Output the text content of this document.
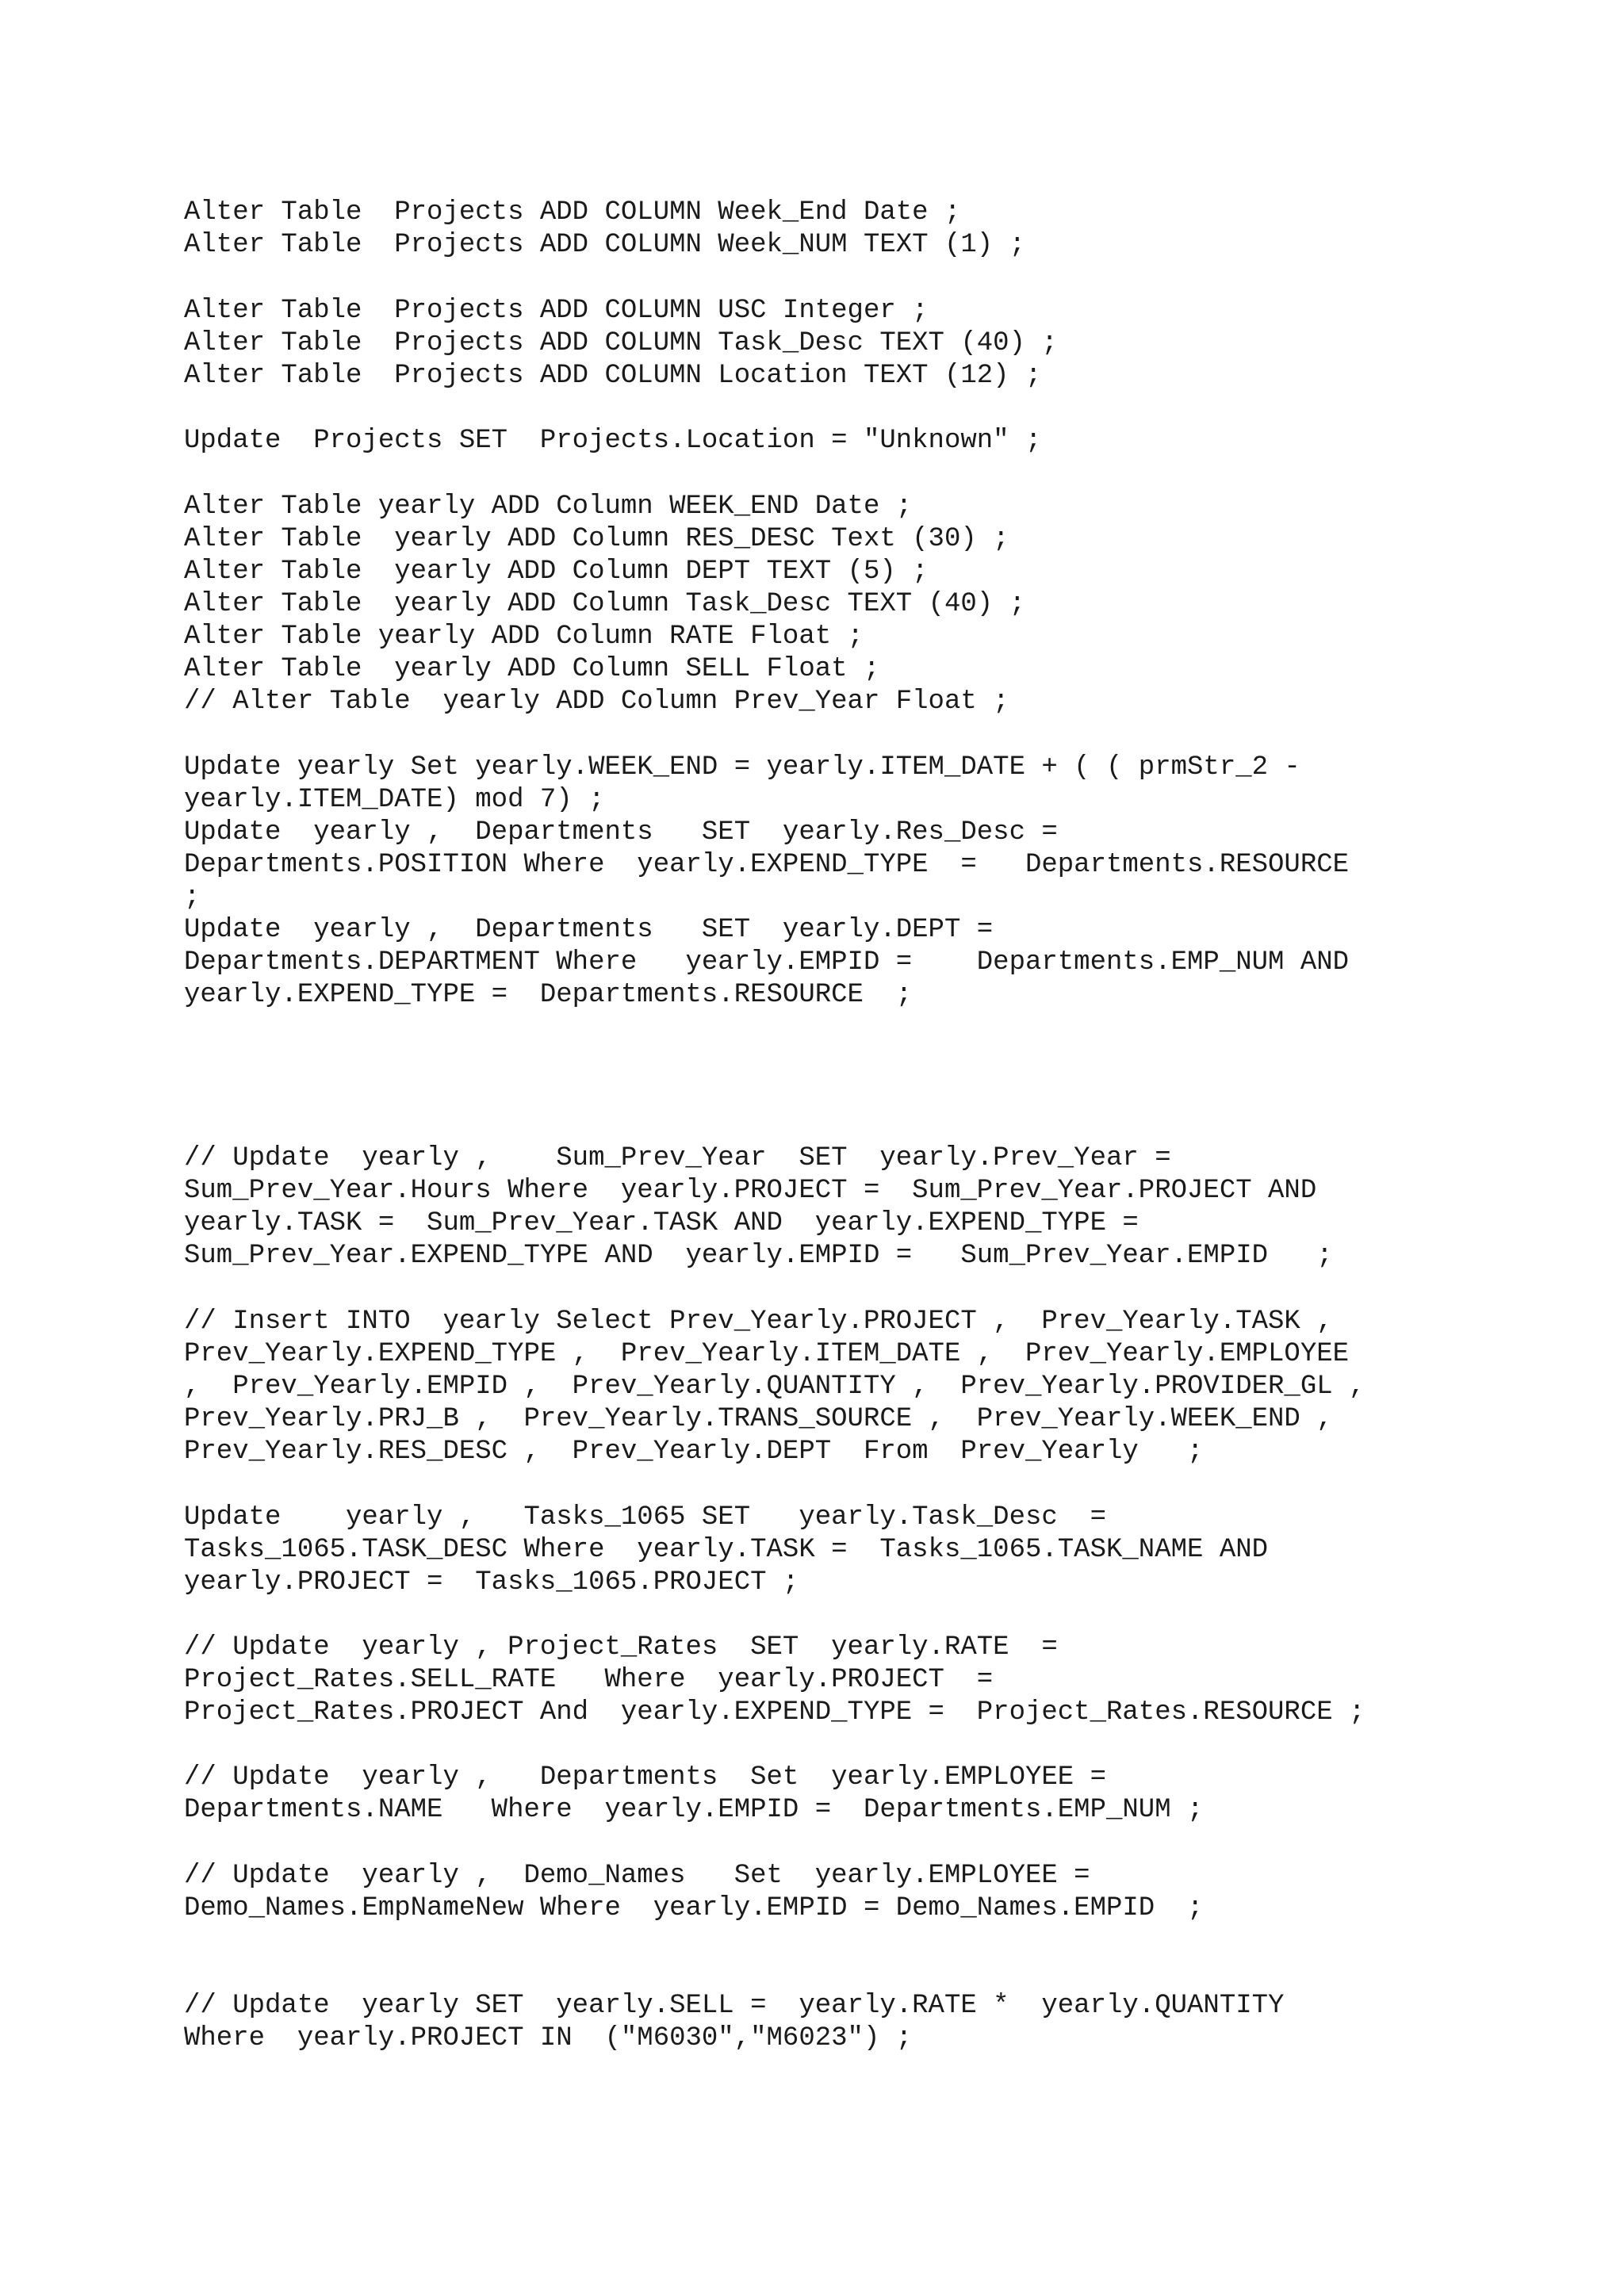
Alter Table  Projects ADD COLUMN Week_End Date ;
Alter Table  Projects ADD COLUMN Week_NUM TEXT (1) ;
Alter Table  Projects ADD COLUMN USC Integer ;
Alter Table  Projects ADD COLUMN Task_Desc TEXT (40) ;
Alter Table  Projects ADD COLUMN Location TEXT (12) ;
Update  Projects SET  Projects.Location = "Unknown" ;
Alter Table yearly ADD Column WEEK_END Date ;
Alter Table  yearly ADD Column RES_DESC Text (30) ;
Alter Table  yearly ADD Column DEPT TEXT (5) ;
Alter Table  yearly ADD Column Task_Desc TEXT (40) ;
Alter Table yearly ADD Column RATE Float ;
Alter Table  yearly ADD Column SELL Float ;
// Alter Table  yearly ADD Column Prev_Year Float ;
Update yearly Set yearly.WEEK_END = yearly.ITEM_DATE + ( ( prmStr_2 -
yearly.ITEM_DATE) mod 7) ;
Update  yearly ,  Departments   SET  yearly.Res_Desc =
Departments.POSITION Where  yearly.EXPEND_TYPE  =   Departments.RESOURCE
;
Update  yearly ,  Departments   SET  yearly.DEPT =
Departments.DEPARTMENT Where   yearly.EMPID =    Departments.EMP_NUM AND
yearly.EXPEND_TYPE =  Departments.RESOURCE  ;
// Update  yearly ,    Sum_Prev_Year  SET  yearly.Prev_Year =
Sum_Prev_Year.Hours Where  yearly.PROJECT =  Sum_Prev_Year.PROJECT AND
yearly.TASK =  Sum_Prev_Year.TASK AND  yearly.EXPEND_TYPE =
Sum_Prev_Year.EXPEND_TYPE AND  yearly.EMPID =   Sum_Prev_Year.EMPID   ;
// Insert INTO  yearly Select Prev_Yearly.PROJECT ,  Prev_Yearly.TASK ,
Prev_Yearly.EXPEND_TYPE ,  Prev_Yearly.ITEM_DATE ,  Prev_Yearly.EMPLOYEE
,  Prev_Yearly.EMPID ,  Prev_Yearly.QUANTITY ,  Prev_Yearly.PROVIDER_GL ,
Prev_Yearly.PRJ_B ,  Prev_Yearly.TRANS_SOURCE ,  Prev_Yearly.WEEK_END ,
Prev_Yearly.RES_DESC ,  Prev_Yearly.DEPT  From  Prev_Yearly   ;
Update    yearly ,   Tasks_1065 SET   yearly.Task_Desc  =
Tasks_1065.TASK_DESC Where  yearly.TASK =  Tasks_1065.TASK_NAME AND
yearly.PROJECT =  Tasks_1065.PROJECT ;
// Update  yearly , Project_Rates  SET  yearly.RATE  =
Project_Rates.SELL_RATE   Where  yearly.PROJECT  =
Project_Rates.PROJECT And  yearly.EXPEND_TYPE =  Project_Rates.RESOURCE ;
// Update  yearly ,   Departments  Set  yearly.EMPLOYEE =
Departments.NAME   Where  yearly.EMPID =  Departments.EMP_NUM ;
// Update  yearly ,  Demo_Names   Set  yearly.EMPLOYEE =
Demo_Names.EmpNameNew Where  yearly.EMPID = Demo_Names.EMPID  ;
// Update  yearly SET  yearly.SELL =  yearly.RATE *  yearly.QUANTITY
Where  yearly.PROJECT IN  ("M6030","M6023") ;
